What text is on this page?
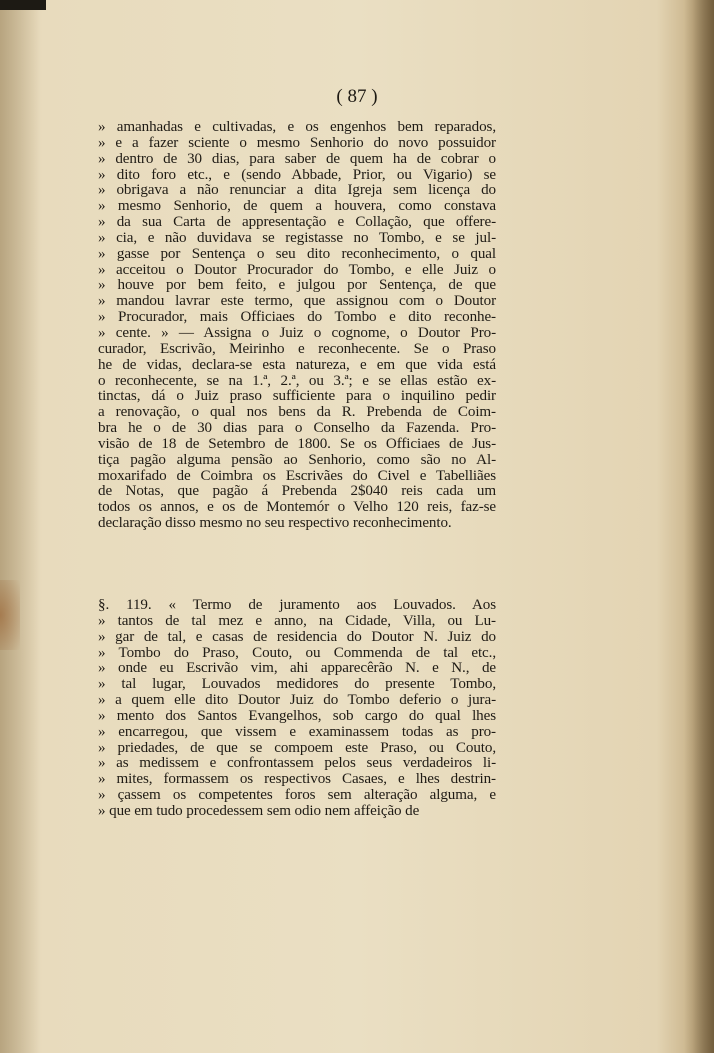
( 87 )
» amanhadas e cultivadas, e os engenhos bem reparados,
» e a fazer sciente o mesmo Senhorio do novo possuidor
» dentro de 30 dias, para saber de quem ha de cobrar o
» dito foro etc., e (sendo Abbade, Prior, ou Vigario) se
» obrigava a não renunciar a dita Igreja sem licença do
» mesmo Senhorio, de quem a houvera, como constava
» da sua Carta de appresentação e Collação, que offere-
» cia, e não duvidava se registasse no Tombo, e se jul-
» gasse por Sentença o seu dito reconhecimento, o qual
» acceitou o Doutor Procurador do Tombo, e elle Juiz o
» houve por bem feito, e julgou por Sentença, de que
» mandou lavrar este termo, que assignou com o Doutor
» Procurador, mais Officiaes do Tombo e dito reconhe-
» cente. » — Assigna o Juiz o cognome, o Doutor Pro-
curador, Escrivão, Meirinho e reconhecente. Se o Praso
he de vidas, declara-se esta natureza, e em que vida está
o reconhecente, se na 1.ª, 2.ª, ou 3.ª; e se ellas estão ex-
tinctas, dá o Juiz praso sufficiente para o inquilino pedir
a renovação, o qual nos bens da R. Prebenda de Coim-
bra he o de 30 dias para o Conselho da Fazenda. Pro-
visão de 18 de Setembro de 1800. Se os Officiaes de Jus-
tiça pagão alguma pensão ao Senhorio, como são no Al-
moxarifado de Coimbra os Escrivães do Civel e Tabelliães
de Notas, que pagão á Prebenda 2$040 reis cada um
todos os annos, e os de Montemór o Velho 120 reis, faz-se
declaração disso mesmo no seu respectivo reconhecimento.
§. 119. « Termo de juramento aos Louvados. Aos
» tantos de tal mez e anno, na Cidade, Villa, ou Lu-
» gar de tal, e casas de residencia do Doutor N. Juiz do
» Tombo do Praso, Couto, ou Commenda de tal etc.,
» onde eu Escrivão vim, ahi apparecêrão N. e N., de
» tal lugar, Louvados medidores do presente Tombo,
» a quem elle dito Doutor Juiz do Tombo deferio o jura-
» mento dos Santos Evangelhos, sob cargo do qual lhes
» encarregou, que vissem e examinassem todas as pro-
» priedades, de que se compoem este Praso, ou Couto,
» as medissem e confrontassem pelos seus verdadeiros li-
» mites, formassem os respectivos Casaes, e lhes destrin-
» çassem os competentes foros sem alteração alguma, e
» que em tudo procedessem sem odio nem affeição de
